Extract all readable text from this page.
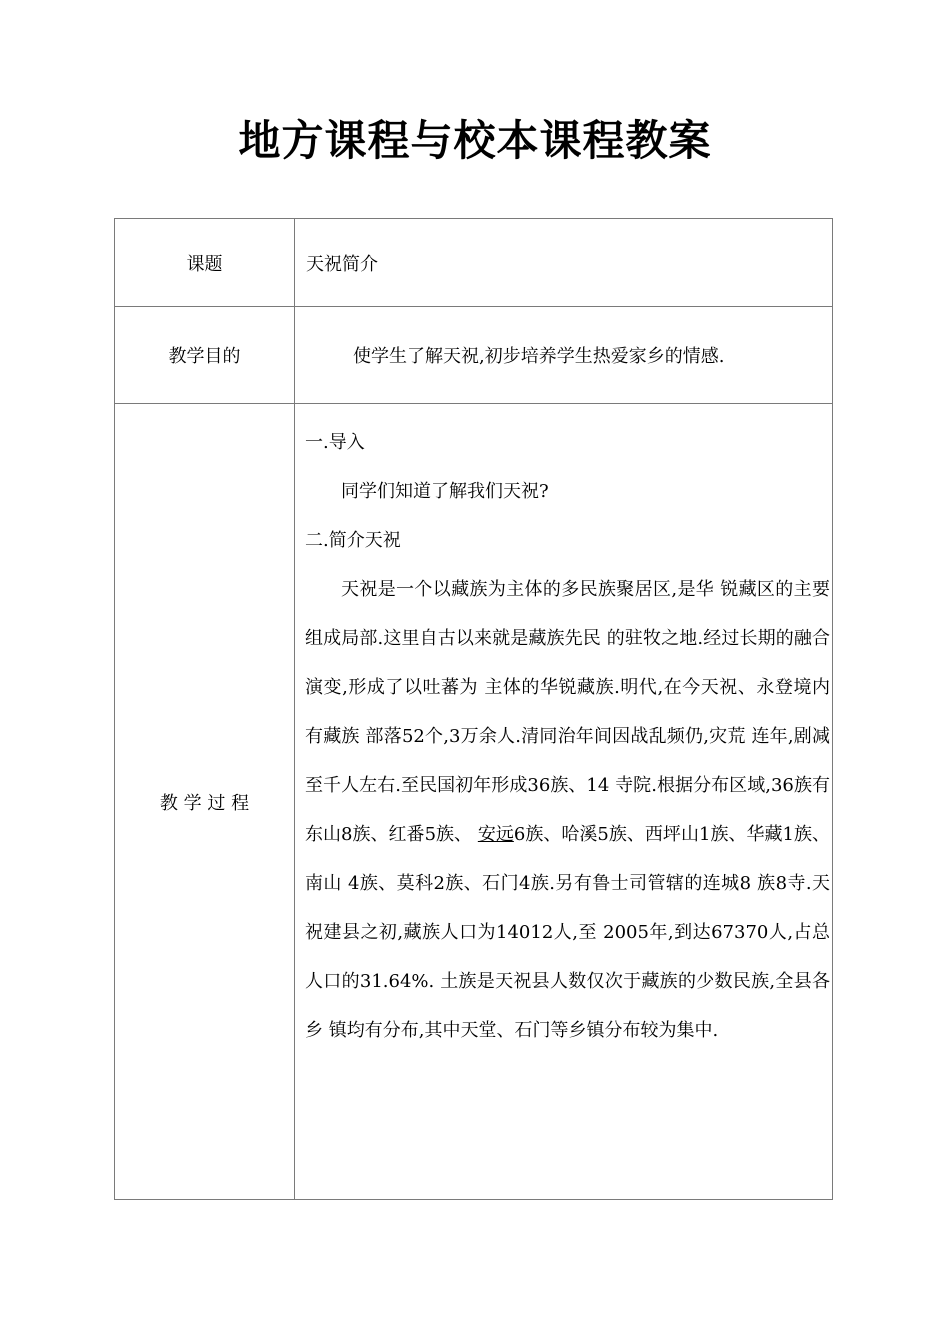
地方课程与校本课程教案
课题	天祝简介

教学目的	使学生了解天祝,初步培养学生热爱家乡的情感.

教 学 过 程	一.导入
同学们知道了解我们天祝?
二.简介天祝
天祝是一个以藏族为主体的多民族聚居区,是华 锐藏区的主要组成局部.这里自古以来就是藏族先民 的驻牧之地.经过长期的融合演变,形成了以吐蕃为 主体的华锐藏族.明代,在今天祝、永登境内有藏族 部落52个,3万余人.清同治年间因战乱频仍,灾荒 连年,剧减至千人左右.至民国初年形成36族、14 寺院.根据分布区域,36族有东山8族、红番5族、 安远6族、哈溪5族、西坪山1族、华藏1族、南山 4族、莫科2族、石门4族.另有鲁士司管辖的连城8 族8寺.天祝建县之初,藏族人口为14012人,至 2005年,到达67370人,占总人口的31.64%. 土族是天祝县人数仅次于藏族的少数民族,全县各乡 镇均有分布,其中天堂、石门等乡镇分布较为集中.
